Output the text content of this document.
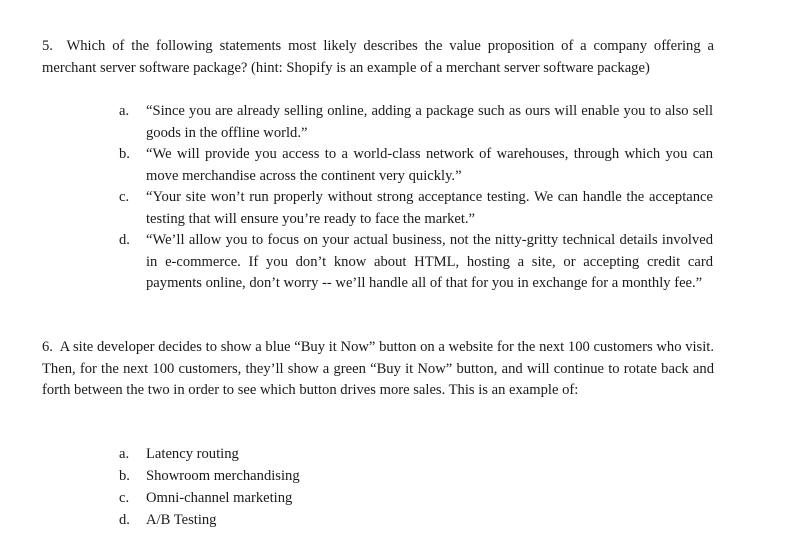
5. Which of the following statements most likely describes the value proposition of a company offering a merchant server software package? (hint: Shopify is an example of a merchant server software package)
a.	“Since you are already selling online, adding a package such as ours will enable you to also sell goods in the offline world.”
b.	“We will provide you access to a world-class network of warehouses, through which you can move merchandise across the continent very quickly.”
c.	“Your site won’t run properly without strong acceptance testing. We can handle the acceptance testing that will ensure you’re ready to face the market.”
d.	“We’ll allow you to focus on your actual business, not the nitty-gritty technical details involved in e-commerce. If you don’t know about HTML, hosting a site, or accepting credit card payments online, don’t worry -- we’ll handle all of that for you in exchange for a monthly fee.”
6. A site developer decides to show a blue “Buy it Now” button on a website for the next 100 customers who visit. Then, for the next 100 customers, they’ll show a green “Buy it Now” button, and will continue to rotate back and forth between the two in order to see which button drives more sales. This is an example of:
a.	Latency routing
b.	Showroom merchandising
c.	Omni-channel marketing
d.	A/B Testing
